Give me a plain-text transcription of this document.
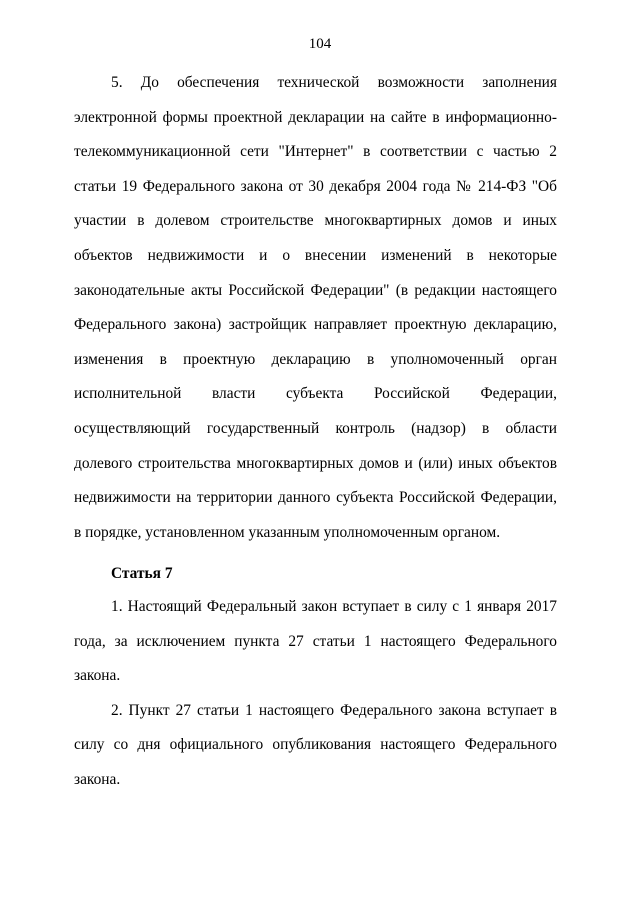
104

5. До обеспечения технической возможности заполнения электронной формы проектной декларации на сайте в информационно-телекоммуникационной сети "Интернет" в соответствии с частью 2 статьи 19 Федерального закона от 30 декабря 2004 года № 214-ФЗ "Об участии в долевом строительстве многоквартирных домов и иных объектов недвижимости и о внесении изменений в некоторые законодательные акты Российской Федерации" (в редакции настоящего Федерального закона) застройщик направляет проектную декларацию, изменения в проектную декларацию в уполномоченный орган исполнительной власти субъекта Российской Федерации, осуществляющий государственный контроль (надзор) в области долевого строительства многоквартирных домов и (или) иных объектов недвижимости на территории данного субъекта Российской Федерации, в порядке, установленном указанным уполномоченным органом.

Статья 7

1. Настоящий Федеральный закон вступает в силу с 1 января 2017 года, за исключением пункта 27 статьи 1 настоящего Федерального закона.

2. Пункт 27 статьи 1 настоящего Федерального закона вступает в силу со дня официального опубликования настоящего Федерального закона.
